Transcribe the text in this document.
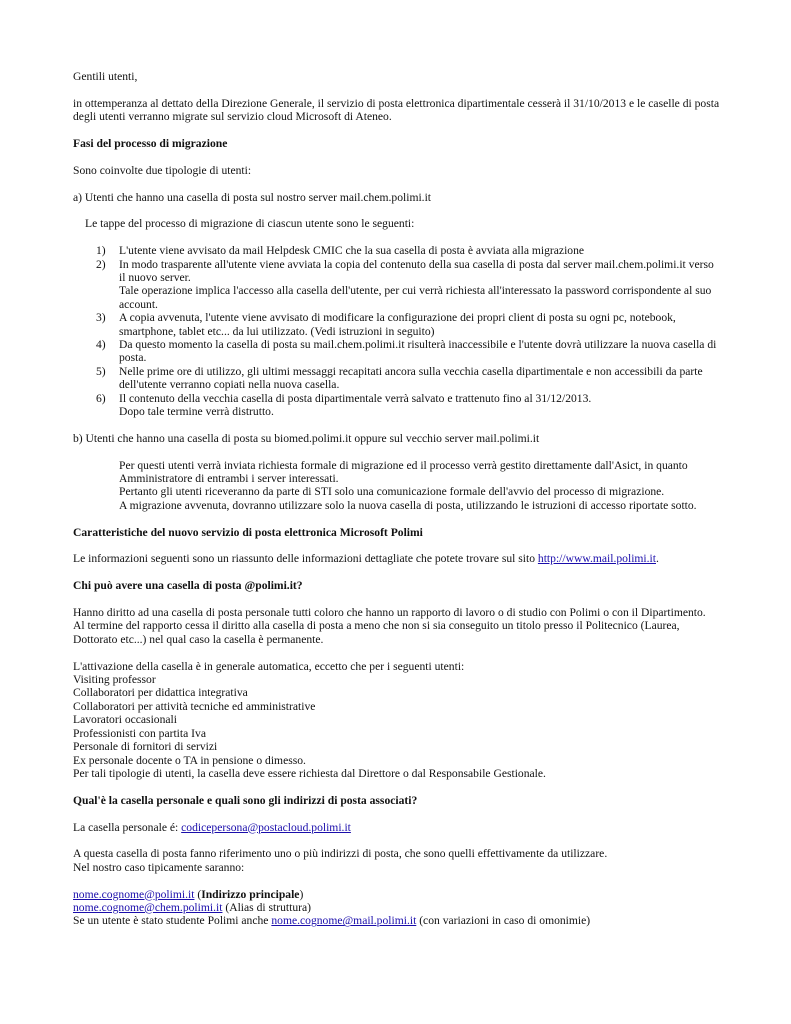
Gentili utenti,

in ottemperanza al dettato della Direzione Generale, il servizio di posta elettronica dipartimentale cesserà il 31/10/2013 e le caselle di posta degli utenti verranno migrate sul servizio cloud Microsoft di Ateneo.

Fasi del processo di migrazione

Sono coinvolte due tipologie di utenti:

a) Utenti che hanno una casella di posta sul nostro server mail.chem.polimi.it

Le tappe del processo di migrazione di ciascun utente sono le seguenti:

1) L'utente viene avvisato da mail Helpdesk CMIC che la sua casella di posta è avviata alla migrazione
2) In modo trasparente all'utente viene avviata la copia del contenuto della sua casella di posta dal server mail.chem.polimi.it verso il nuovo server.
Tale operazione implica l'accesso alla casella dell'utente, per cui verrà richiesta all'interessato la password corrispondente al suo account.
3) A copia avvenuta, l'utente viene avvisato di modificare la configurazione dei propri client di posta su ogni pc, notebook, smartphone, tablet etc... da lui utilizzato. (Vedi istruzioni in seguito)
4) Da questo momento la casella di posta su mail.chem.polimi.it risulterà inaccessibile e l'utente dovrà utilizzare la nuova casella di posta.
5) Nelle prime ore di utilizzo, gli ultimi messaggi recapitati ancora sulla vecchia casella dipartimentale e non accessibili da parte dell'utente verranno copiati nella nuova casella.
6) Il contenuto della vecchia casella di posta dipartimentale verrà salvato e trattenuto fino al 31/12/2013.
Dopo tale termine verrà distrutto.

b) Utenti che hanno una casella di posta su biomed.polimi.it oppure sul vecchio server mail.polimi.it

Per questi utenti verrà inviata richiesta formale di migrazione ed il processo verrà gestito direttamente dall'Asict, in quanto Amministratore di entrambi i server interessati.

Pertanto gli utenti riceveranno da parte di STI solo una comunicazione formale dell'avvio del processo di migrazione.

A migrazione avvenuta, dovranno utilizzare solo la nuova casella di posta, utilizzando le istruzioni di accesso riportate sotto.

Caratteristiche del nuovo servizio di posta elettronica Microsoft Polimi

Le informazioni seguenti sono un riassunto delle informazioni dettagliate che potete trovare sul sito http://www.mail.polimi.it.

Chi può avere una casella di posta @polimi.it?

Hanno diritto ad una casella di posta personale tutti coloro che hanno un rapporto di lavoro o di studio con Polimi o con il Dipartimento.

Al termine del rapporto cessa il diritto alla casella di posta a meno che non si sia conseguito un titolo presso il Politecnico (Laurea, Dottorato etc...) nel qual caso la casella è permanente.

L'attivazione della casella è in generale automatica, eccetto che per i seguenti utenti:

Visiting professor

Collaboratori per didattica integrativa

Collaboratori per attività tecniche ed amministrative

Lavoratori occasionali

Professionisti con partita Iva

Personale di fornitori di servizi

Ex personale docente o TA in pensione o dimesso.

Per tali tipologie di utenti, la casella deve essere richiesta dal Direttore o dal Responsabile Gestionale.

Qual'è la casella personale e quali sono gli indirizzi di posta associati?

La casella personale é: codicepersona@postacloud.polimi.it

A questa casella di posta fanno riferimento uno o più indirizzi di posta, che sono quelli effettivamente da utilizzare.

Nel nostro caso tipicamente saranno:

nome.cognome@polimi.it (Indirizzo principale)

nome.cognome@chem.polimi.it (Alias di struttura)

Se un utente è stato studente Polimi anche nome.cognome@mail.polimi.it (con variazioni in caso di omonimie)
